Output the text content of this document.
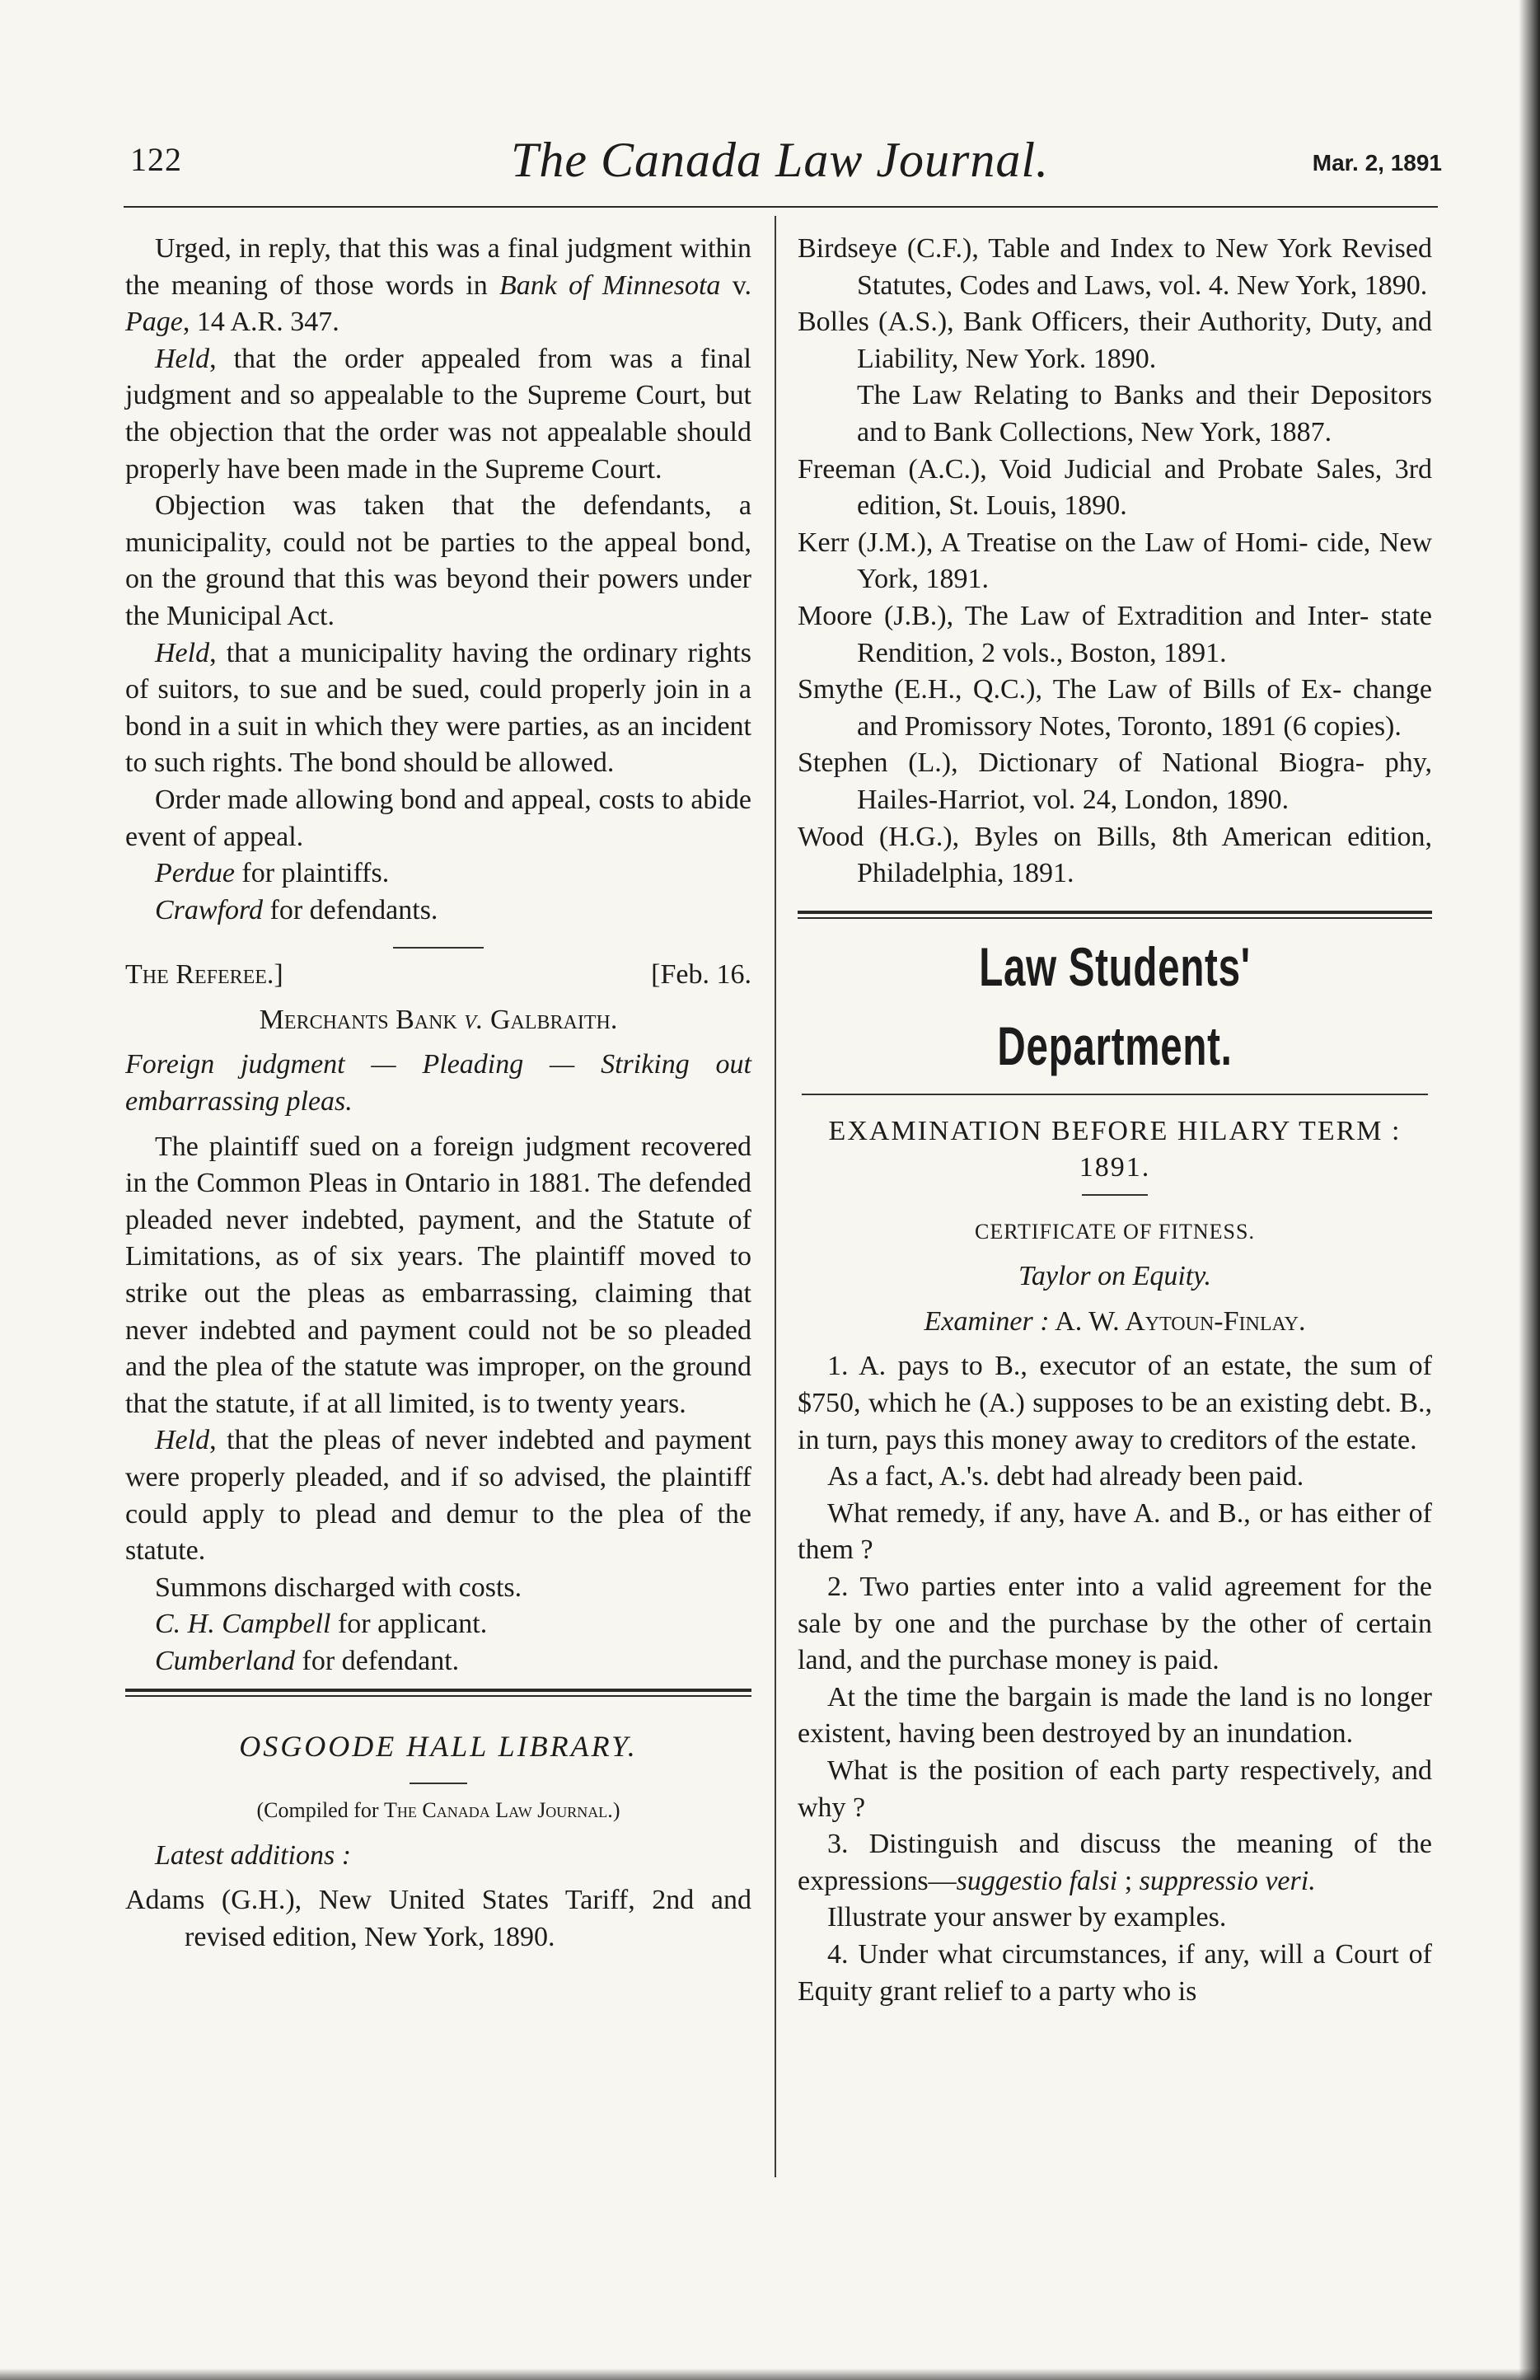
122	The Canada Law Journal.	Mar. 2, 1891

Urged, in reply, that this was a final judgment within the meaning of those words in Bank of Minnesota v. Page, 14 A.R. 347.

Held, that the order appealed from was a final judgment and so appealable to the Supreme Court, but the objection that the order was not appealable should properly have been made in the Supreme Court.

Objection was taken that the defendants, a municipality, could not be parties to the appeal bond, on the ground that this was beyond their powers under the Municipal Act.

Held, that a municipality having the ordinary rights of suitors, to sue and be sued, could properly join in a bond in a suit in which they were parties, as an incident to such rights. The bond should be allowed.

Order made allowing bond and appeal, costs to abide event of appeal.

Perdue for plaintiffs.

Crawford for defendants.

The Referee.]	[Feb. 16.

Merchants Bank v. Galbraith.

Foreign judgment — Pleading — Striking out embarrassing pleas.

The plaintiff sued on a foreign judgment recovered in the Common Pleas in Ontario in 1881. The defended pleaded never indebted, payment, and the Statute of Limitations, as of six years. The plaintiff moved to strike out the pleas as embarrassing, claiming that never indebted and payment could not be so pleaded and the plea of the statute was improper, on the ground that the statute, if at all limited, is to twenty years.

Held, that the pleas of never indebted and payment were properly pleaded, and if so advised, the plaintiff could apply to plead and demur to the plea of the statute.

Summons discharged with costs.

C. H. Campbell for applicant.

Cumberland for defendant.

OSGOODE HALL LIBRARY.

(Compiled for The Canada Law Journal.)

Latest additions :

Adams (G.H.), New United States Tariff, 2nd and revised edition, New York, 1890.

Birdseye (C.F.), Table and Index to New York Revised Statutes, Codes and Laws, vol. 4. New York, 1890.

Bolles (A.S.), Bank Officers, their Authority, Duty, and Liability, New York. 1890.

The Law Relating to Banks and their Depositors and to Bank Collections, New York, 1887.

Freeman (A.C.), Void Judicial and Probate Sales, 3rd edition, St. Louis, 1890.

Kerr (J.M.), A Treatise on the Law of Homi- cide, New York, 1891.

Moore (J.B.), The Law of Extradition and Inter- state Rendition, 2 vols., Boston, 1891.

Smythe (E.H., Q.C.), The Law of Bills of Ex- change and Promissory Notes, Toronto, 1891 (6 copies).

Stephen (L.), Dictionary of National Biogra- phy, Hailes-Harriot, vol. 24, London, 1890.

Wood (H.G.), Byles on Bills, 8th American edition, Philadelphia, 1891.

Law Students' Department.

EXAMINATION BEFORE HILARY TERM : 1891.

CERTIFICATE OF FITNESS.

Taylor on Equity.

Examiner : A. W. Aytoun-Finlay.

1. A. pays to B., executor of an estate, the sum of $750, which he (A.) supposes to be an existing debt. B., in turn, pays this money away to creditors of the estate.

As a fact, A.'s. debt had already been paid.

What remedy, if any, have A. and B., or has either of them ?

2. Two parties enter into a valid agreement for the sale by one and the purchase by the other of certain land, and the purchase money is paid.

At the time the bargain is made the land is no longer existent, having been destroyed by an inundation.

What is the position of each party respectively, and why ?

3. Distinguish and discuss the meaning of the expressions—suggestio falsi ; suppressio veri.

Illustrate your answer by examples.

4. Under what circumstances, if any, will a Court of Equity grant relief to a party who is
